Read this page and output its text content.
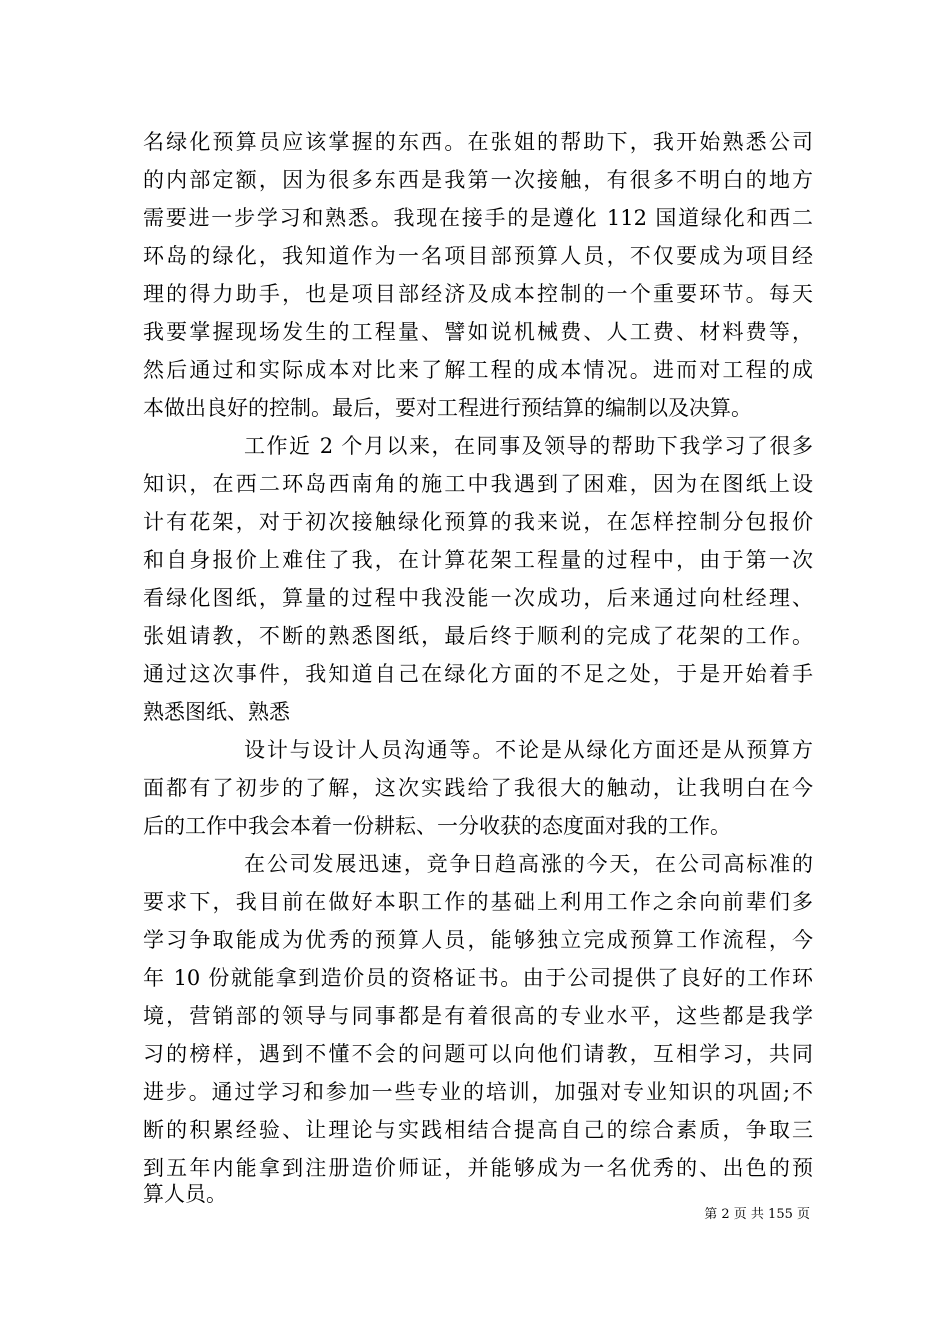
名绿化预算员应该掌握的东西。在张姐的帮助下，我开始熟悉公司
的内部定额，因为很多东西是我第一次接触，有很多不明白的地方
需要进一步学习和熟悉。我现在接手的是遵化 112 国道绿化和西二
环岛的绿化，我知道作为一名项目部预算人员，不仅要成为项目经
理的得力助手，也是项目部经济及成本控制的一个重要环节。每天
我要掌握现场发生的工程量、譬如说机械费、人工费、材料费等，
然后通过和实际成本对比来了解工程的成本情况。进而对工程的成
本做出良好的控制。最后，要对工程进行预结算的编制以及决算。
工作近 2 个月以来，在同事及领导的帮助下我学习了很多
知识，在西二环岛西南角的施工中我遇到了困难，因为在图纸上设
计有花架，对于初次接触绿化预算的我来说，在怎样控制分包报价
和自身报价上难住了我，在计算花架工程量的过程中，由于第一次
看绿化图纸，算量的过程中我没能一次成功，后来通过向杜经理、
张姐请教，不断的熟悉图纸，最后终于顺利的完成了花架的工作。
通过这次事件，我知道自己在绿化方面的不足之处，于是开始着手
熟悉图纸、熟悉
设计与设计人员沟通等。不论是从绿化方面还是从预算方
面都有了初步的了解，这次实践给了我很大的触动，让我明白在今
后的工作中我会本着一份耕耘、一分收获的态度面对我的工作。
在公司发展迅速，竞争日趋高涨的今天，在公司高标准的
要求下，我目前在做好本职工作的基础上利用工作之余向前辈们多
学习争取能成为优秀的预算人员，能够独立完成预算工作流程，今
年 10 份就能拿到造价员的资格证书。由于公司提供了良好的工作环
境，营销部的领导与同事都是有着很高的专业水平，这些都是我学
习的榜样，遇到不懂不会的问题可以向他们请教，互相学习，共同
进步。通过学习和参加一些专业的培训，加强对专业知识的巩固;不
断的积累经验、让理论与实践相结合提高自己的综合素质，争取三
到五年内能拿到注册造价师证，并能够成为一名优秀的、出色的预
算人员。
第 2 页 共 155 页
